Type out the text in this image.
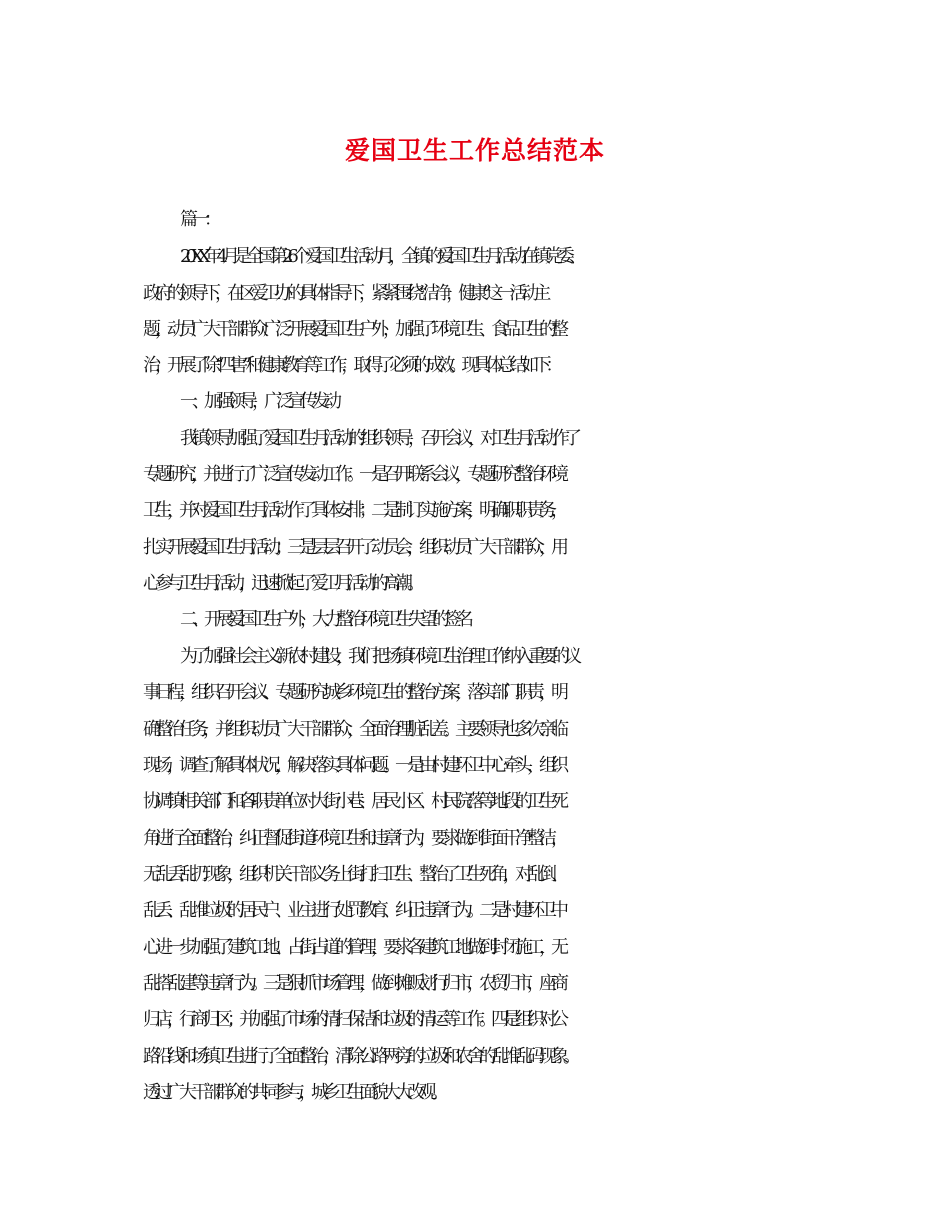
爱国卫生工作总结范本
篇一：
20XX年4月是全国第26个爱国卫生活动月，全镇的爱国卫生月活动在镇党委、
政府的领导下，在区爱卫办的具体指导下，紧紧围绕“洁净，健康”这一活动主
题，动员广大干部群众广泛开展爱国卫生户外，加强了环境卫生、食品卫生的整
治，开展了除“四害”和健康教育等工作，取得了必须的成效。现具体总结如下：
一、加强领导，广泛宣传发动
我镇领导加强了爱国卫生月活动的组织领导，召开会议，对卫生月活动作了
专题研究，并进行了广泛宣传发动工作。一是召开联系会议，专题研究整治环境
卫生，并对爱国卫生月活动作了具体安排；二是制订实施方案，明确职职责务，
扎实开展爱国卫生月活动；三是层层召开了动员会，组织动员广大干部群众，用
心参与卫生月活动，迅速掀起了爱卫月活动的高潮。
二、开展爱国卫生户外，大力整治环境卫生失望的签名
为了加强社会主义新农村建设，我们把场镇环境卫生治理工作纳入重要的议
事日程，组织召开会议、专题研究城乡环境卫生的整治方案，落实部门职责，明
确整治任务，并组织动员广大干部群众，全面治理脏乱差。主要领导也多次亲临
现场，调查了解具体状况，解决落实具体问题。一是由村建环卫中心牵头，组织
协调镇相关部门和各职责单位对大街小巷、居民小区、村民院落等地段的卫生死
角进行全面整治，纠正督促街道环境卫生和违章行为，要求做到街面干净整洁，
无乱丢乱扔现象，组织机关干部义务上街打扫卫生、整治了卫生死角，对乱倒、
乱丢、乱堆垃圾的居民户、业主进行处罚教育、纠正违章行为。二是村建环卫中
心进一步加强了建筑工地、占街占道的管理，要求各建筑工地做到封闭施工，无
乱搭乱建等违章行为。三是狠抓市场管理，做到摊贩划行归市，农贸归市，座商
归店，行商归区；并加强了市场的清扫保洁和垃圾的清运等工作。四是组织对公
路沿线和场镇卫生进行了全面整治，清除公路两旁的垃圾和农舍的乱堆乱码现象。
透过广大干部群众的共同参与，城乡卫生面貌大大改观。
